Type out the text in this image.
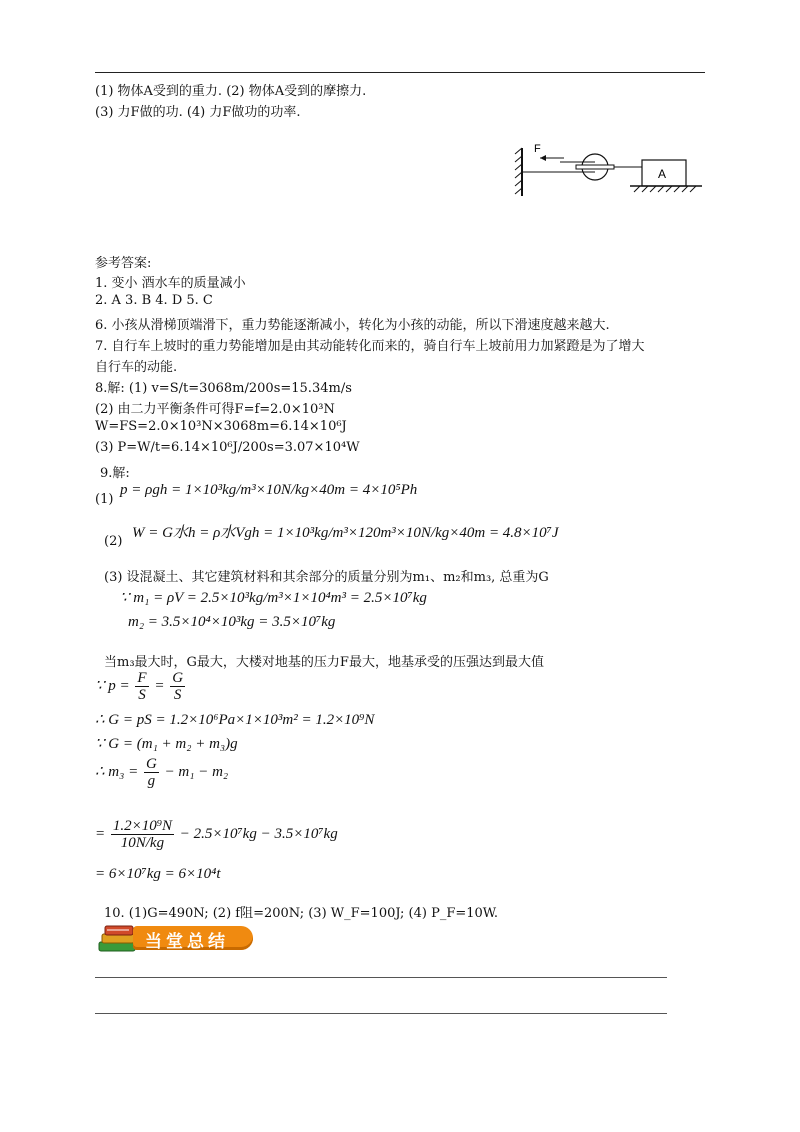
(1) 物体A受到的重力. (2) 物体A受到的摩擦力.
(3) 力F做的功. (4) 力F做功的功率.
F
A
参考答案:
1. 变小 酒水车的质量减小
2. A 3. B 4. D 5. C
6. 小孩从滑梯顶端滑下，重力势能逐渐减小，转化为小孩的动能，所以下滑速度越来越大.
7. 自行车上坡时的重力势能增加是由其动能转化而来的，骑自行车上坡前用力加紧蹬是为了增大
自行车的动能.
8.解: (1) v=S/t=3068m/200s=15.34m/s
(2) 由二力平衡条件可得F=f=2.0×10³N
W=FS=2.0×10³N×3068m=6.14×10⁶J
(3) P=W/t=6.14×10⁶J/200s=3.07×10⁴W
9.解:
(1)
p = ρgh = 1×10³kg/m³×10N/kg×40m = 4×10⁵Ph
(2)
W = G水h = ρ水Vgh = 1×10³kg/m³×120m³×10N/kg×40m = 4.8×10⁷J
(3) 设混凝土、其它建筑材料和其余部分的质量分别为m₁、m₂和m₃, 总重为G
∵ m₁ = ρV = 2.5×10³kg/m³×1×10⁴m³ = 2.5×10⁷kg
m₂ = 3.5×10⁴×10³kg = 3.5×10⁷kg
当m₃最大时，G最大，大楼对地基的压力F最大，地基承受的压强达到最大值
∵ $p = \frac{F}{S} = \frac{G}{S}$
∴ G = pS = 1.2×10⁶Pa×1×10³m² = 1.2×10⁹N
∵ G = (m₁ + m₂ + m₃)g
∴ $m_3 = \frac{G}{g} - m_1 - m_2$
= $\frac{\text{1.2×10⁹N}}{10N/kg} - 2.5\times 10^7kg - 3.5\times 10^7kg$
= 6×10⁷kg = 6×10⁴t
10. (1)G=490N; (2) f阻=200N; (3) W_F=100J; (4) P_F=10W.
当堂总结
